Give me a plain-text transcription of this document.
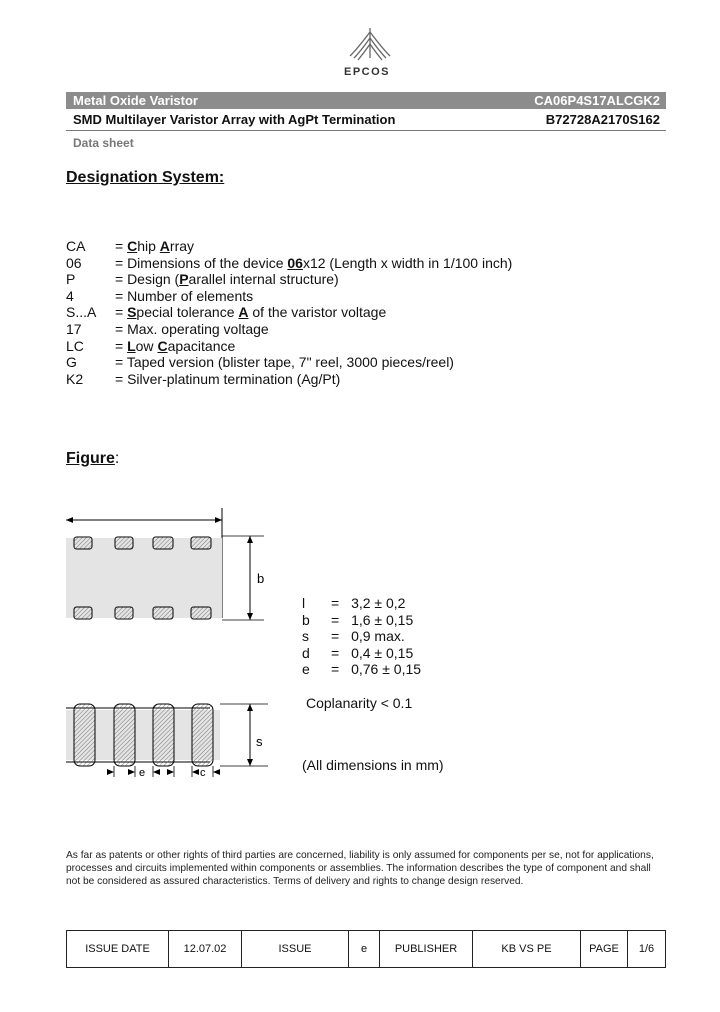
EPCOS
Metal Oxide Varistor	CA06P4S17ALCGK2
SMD Multilayer Varistor Array with AgPt Termination	B72728A2170S162
Data sheet
Designation System:
CA = Chip Array
06 = Dimensions of the device 06x12 (Length x width in 1/100 inch)
P	= Design (Parallel internal structure)
4	= Number of elements
S...A = Special tolerance A of the varistor voltage
17 = Max. operating voltage
LC = Low Capacitance
G	= Taped version (blister tape, 7" reel, 3000 pieces/reel)
K2 = Silver-platinum termination (Ag/Pt)
Figure:
b
s
e	c
l = 3,2 ± 0,2
b = 1,6 ± 0,15
s = 0,9 max.
d = 0,4 ± 0,15
e = 0,76 ± 0,15
Coplanarity < 0.1
(All dimensions in mm)
As far as patents or other rights of third parties are concerned, liability is only assumed for components per se, not for applications, processes and circuits implemented within components or assemblies. The information describes the type of component and shall not be considered as assured characteristics. Terms of delivery and rights to change design reserved.
ISSUE DATE	12.07.02	ISSUE	e	PUBLISHER	KB VS PE	PAGE	1/6
